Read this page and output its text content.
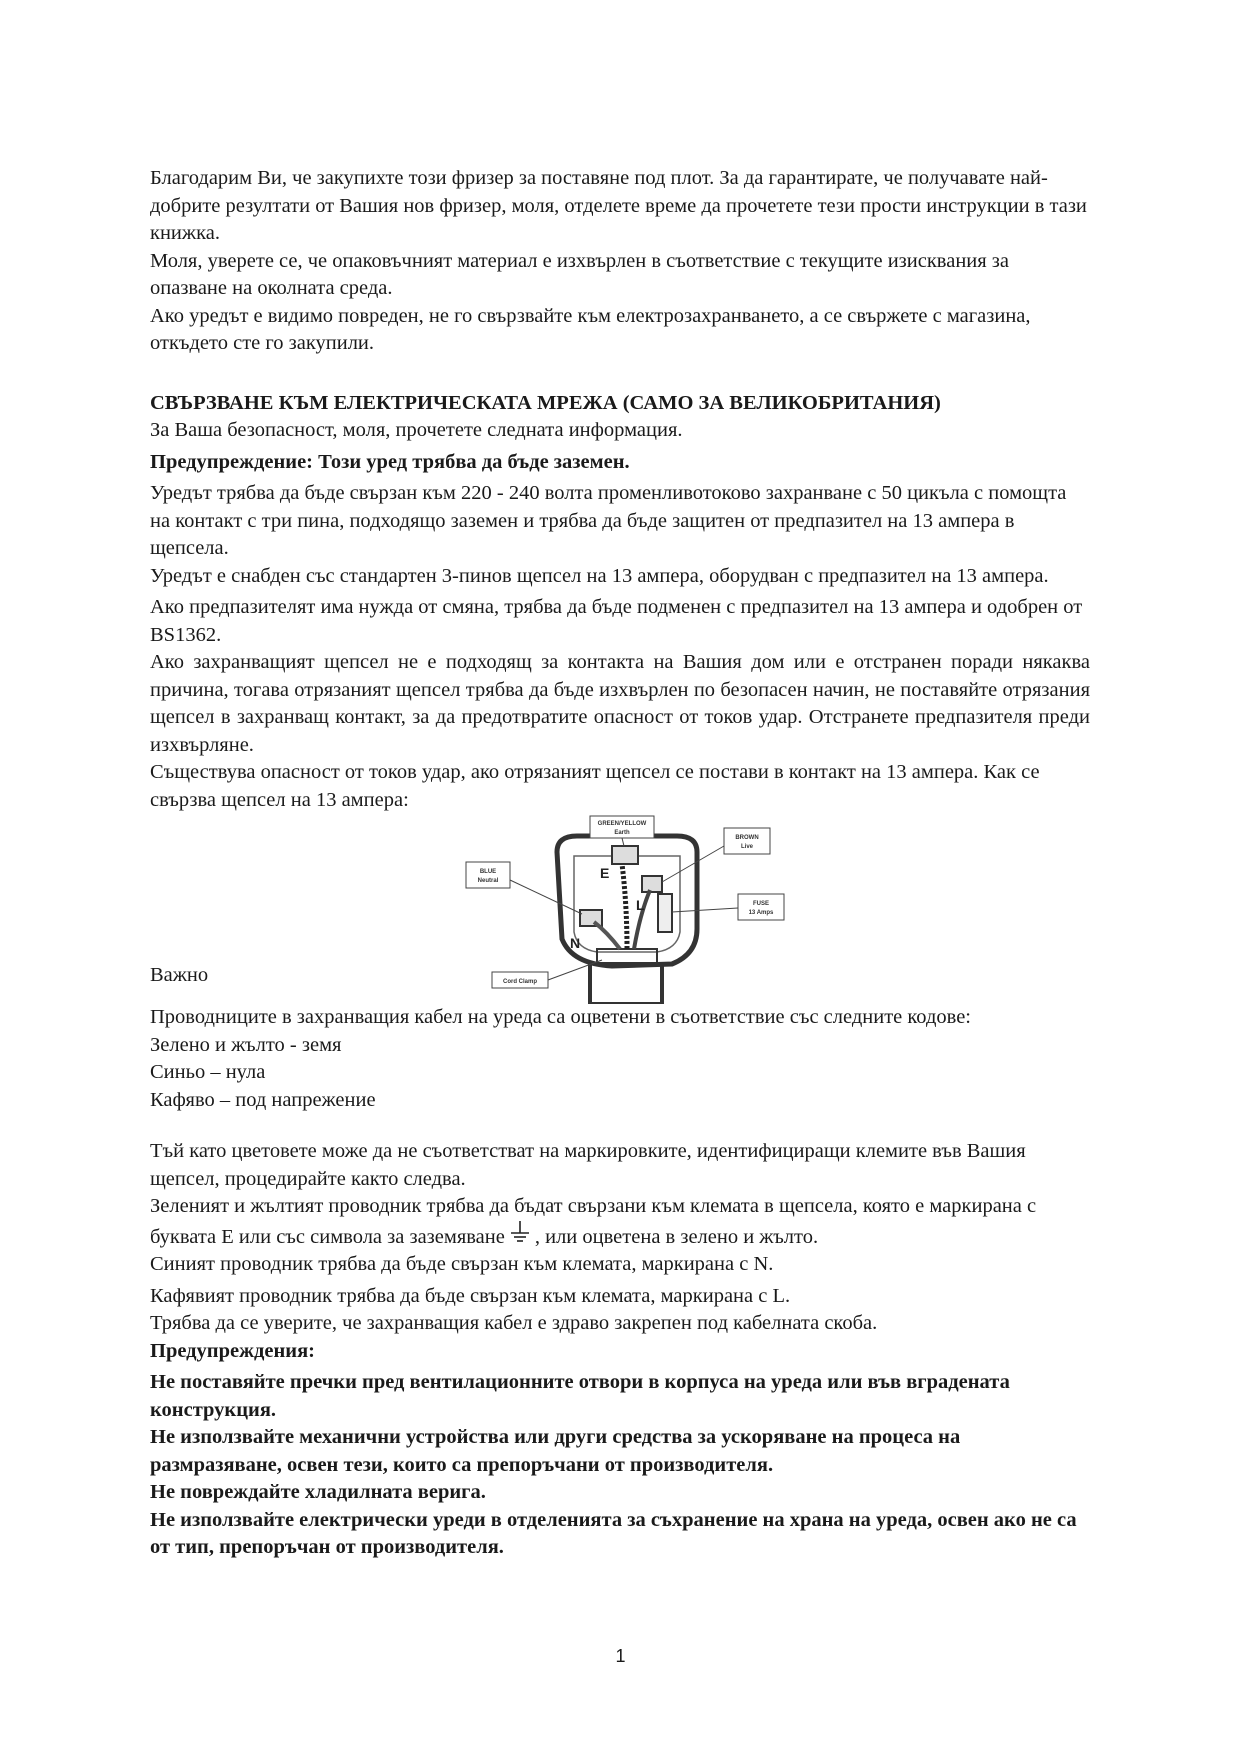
Благодарим Ви, че закупихте този фризер за поставяне под плот. За да гарантирате, че получавате най-добрите резултати от Вашия нов фризер, моля, отделете време да прочетете тези прости инструкции в тази книжка.

Моля, уверете се, че опаковъчният материал е изхвърлен в съответствие с текущите изисквания за опазване на околната среда.

Ако уредът е видимо повреден, не го свързвайте към електрозахранването, а се свържете с магазина, откъдето сте го закупили.

СВЪРЗВАНЕ КЪМ ЕЛЕКТРИЧЕСКАТА МРЕЖА (САМО ЗА ВЕЛИКОБРИТАНИЯ)

За Ваша безопасност, моля, прочетете следната информация.

Предупреждение: Този уред трябва да бъде заземен.

Уредът трябва да бъде свързан към 220 - 240 волта променливотоково захранване с 50 цикъла с помощта на контакт с три пина, подходящо заземен и трябва да бъде защитен от предпазител на 13 ампера в щепсела.

Уредът е снабден със стандартен 3-пинов щепсел на 13 ампера, оборудван с предпазител на 13 ампера.

Ако предпазителят има нужда от смяна, трябва да бъде подменен с предпазител на 13 ампера и одобрен от BS1362.

Ако захранващият щепсел не е подходящ за контакта на Вашия дом или е отстранен поради някаква причина, тогава отрязаният щепсел трябва да бъде изхвърлен по безопасен начин, не поставяйте отрязания щепсел в захранващ контакт, за да предотвратите опасност от токов удар. Отстранете предпазителя преди изхвърляне.

Съществува опасност от токов удар, ако отрязаният щепсел се постави в контакт на 13 ампера. Как се свързва щепсел на 13 ампера:

E
L
N
GREEN/YELLOW
Earth
BROWN
Live
BLUE
Neutral
FUSE
13 Amps
Cord Clamp

Важно

Проводниците в захранващия кабел на уреда са оцветени в съответствие със следните кодове:

Зелено и жълто - земя

Синьо – нула

Кафяво – под напрежение

Тъй като цветовете може да не съответстват на маркировките, идентифициращи клемите във Вашия щепсел, процедирайте както следва.

Зеленият и жълтият проводник трябва да бъдат свързани към клемата в щепсела, която е маркирана с буквата E или със символа за заземяване , или оцветена в зелено и жълто.

Синият проводник трябва да бъде свързан към клемата, маркирана с N.

Кафявият проводник трябва да бъде свързан към клемата, маркирана с L.

Трябва да се уверите, че захранващия кабел е здраво закрепен под кабелната скоба.

Предупреждения:

Не поставяйте пречки пред вентилационните отвори в корпуса на уреда или във вградената конструкция.

Не използвайте механични устройства или други средства за ускоряване на процеса на размразяване, освен тези, които са препоръчани от производителя.

Не повреждайте хладилната верига.

Не използвайте електрически уреди в отделенията за съхранение на храна на уреда, освен ако не са от тип, препоръчан от производителя.

1
